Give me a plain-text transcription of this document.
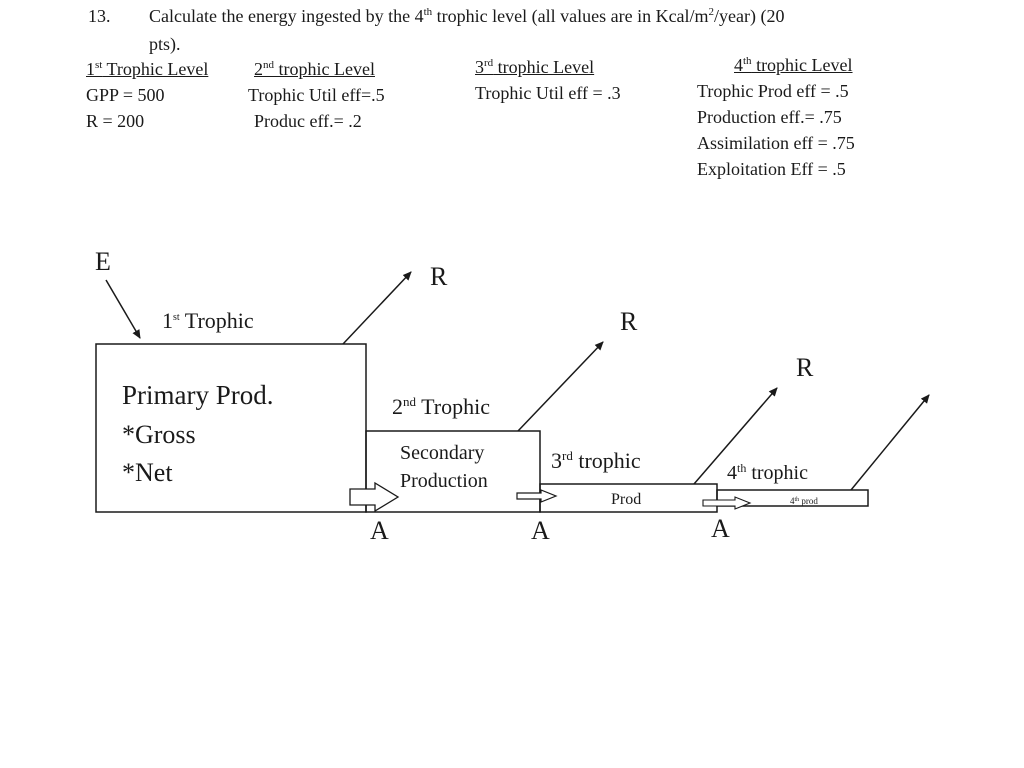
13. Calculate the energy ingested by the 4th trophic level (all values are in Kcal/$m^2/year$) (20
pts).
1st Trophic Level
GPP = 500
R = 200
2nd trophic Level
Trophic Util eff=.5
Produc eff.= .2
3rd trophic Level
Trophic Util eff = .3
4th trophic Level
Trophic Prod eff = .5
Production eff.= .75
Assimilation eff = .75
Exploitation Eff = .5
E
1st Trophic
2nd Trophic
3rd trophic	4th trophic
Primary Prod.
*Gross
*Net
Secondary
Production
Prod	4th prod
R
R
R
A	A	A
